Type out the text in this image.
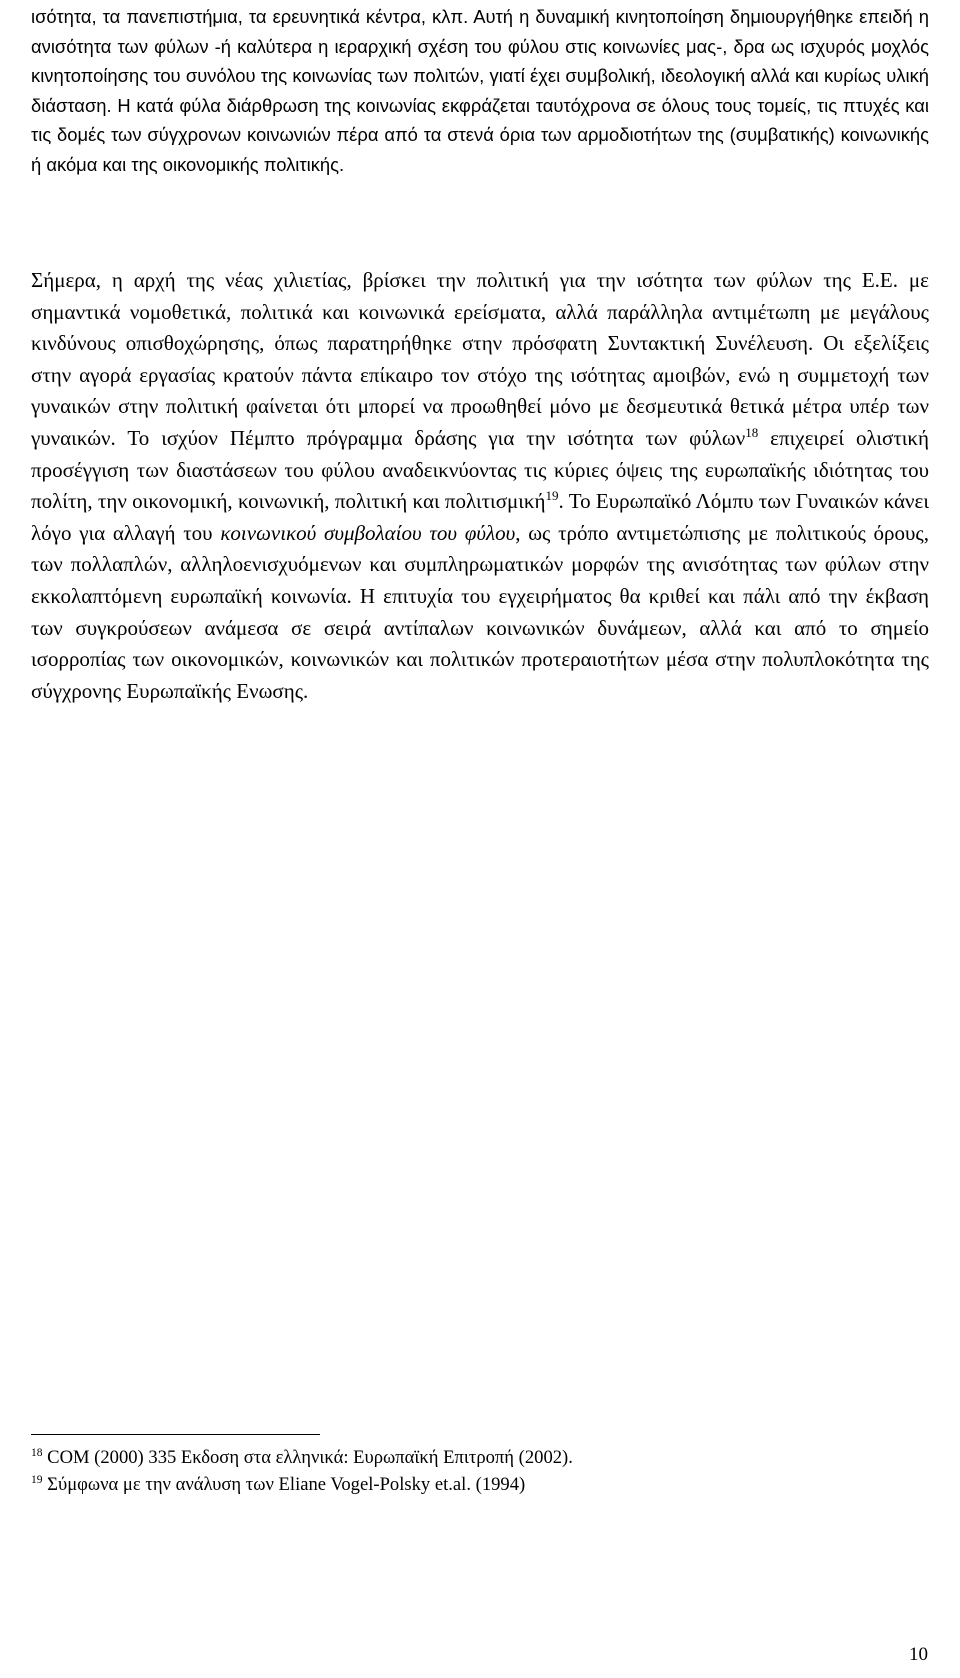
ισότητα, τα πανεπιστήμια, τα ερευνητικά κέντρα, κλπ. Αυτή η δυναμική κινητοποίηση δημιουργήθηκε επειδή η ανισότητα των φύλων -ή καλύτερα η ιεραρχική σχέση του φύλου στις κοινωνίες μας-, δρα ως ισχυρός μοχλός κινητοποίησης του συνόλου της κοινωνίας των πολιτών, γιατί έχει συμβολική, ιδεολογική αλλά και κυρίως υλική διάσταση. Η κατά φύλα διάρθρωση της κοινωνίας εκφράζεται ταυτόχρονα σε όλους τους τομείς, τις πτυχές και τις δομές των σύγχρονων κοινωνιών πέρα από τα στενά όρια των αρμοδιοτήτων της (συμβατικής) κοινωνικής ή ακόμα και της οικονομικής πολιτικής.

Σήμερα, η αρχή της νέας χιλιετίας, βρίσκει την πολιτική για την ισότητα των φύλων της Ε.Ε. με σημαντικά νομοθετικά, πολιτικά και κοινωνικά ερείσματα, αλλά παράλληλα αντιμέτωπη με μεγάλους κινδύνους οπισθοχώρησης, όπως παρατηρήθηκε στην πρόσφατη Συντακτική Συνέλευση. Οι εξελίξεις στην αγορά εργασίας κρατούν πάντα επίκαιρο τον στόχο της ισότητας αμοιβών, ενώ η συμμετοχή των γυναικών στην πολιτική φαίνεται ότι μπορεί να προωθηθεί μόνο με δεσμευτικά θετικά μέτρα υπέρ των γυναικών. Το ισχύον Πέμπτο πρόγραμμα δράσης για την ισότητα των φύλων$^{18}$ επιχειρεί ολιστική προσέγγιση των διαστάσεων του φύλου αναδεικνύοντας τις κύριες όψεις της ευρωπαϊκής ιδιότητας του πολίτη, την οικονομική, κοινωνική, πολιτική και πολιτισμική$^{19}$. Το Ευρωπαϊκό Λόμπυ των Γυναικών κάνει λόγο για αλλαγή του κοινωνικού συμβολαίου του φύλου, ως τρόπο αντιμετώπισης με πολιτικούς όρους, των πολλαπλών, αλληλοενισχυόμενων και συμπληρωματικών μορφών της ανισότητας των φύλων στην εκκολαπτόμενη ευρωπαϊκή κοινωνία. Η επιτυχία του εγχειρήματος θα κριθεί και πάλι από την έκβαση των συγκρούσεων ανάμεσα σε σειρά αντίπαλων κοινωνικών δυνάμεων, αλλά και από το σημείο ισορροπίας των οικονομικών, κοινωνικών και πολιτικών προτεραιοτήτων μέσα στην πολυπλοκότητα της σύγχρονης Ευρωπαϊκής Ενωσης.

$^{18}$ COM (2000) 335 Εκδοση στα ελληνικά: Ευρωπαϊκή Επιτροπή (2002).
$^{19}$ Σύμφωνα με την ανάλυση των Eliane Vogel-Polsky et.al. (1994)
10
